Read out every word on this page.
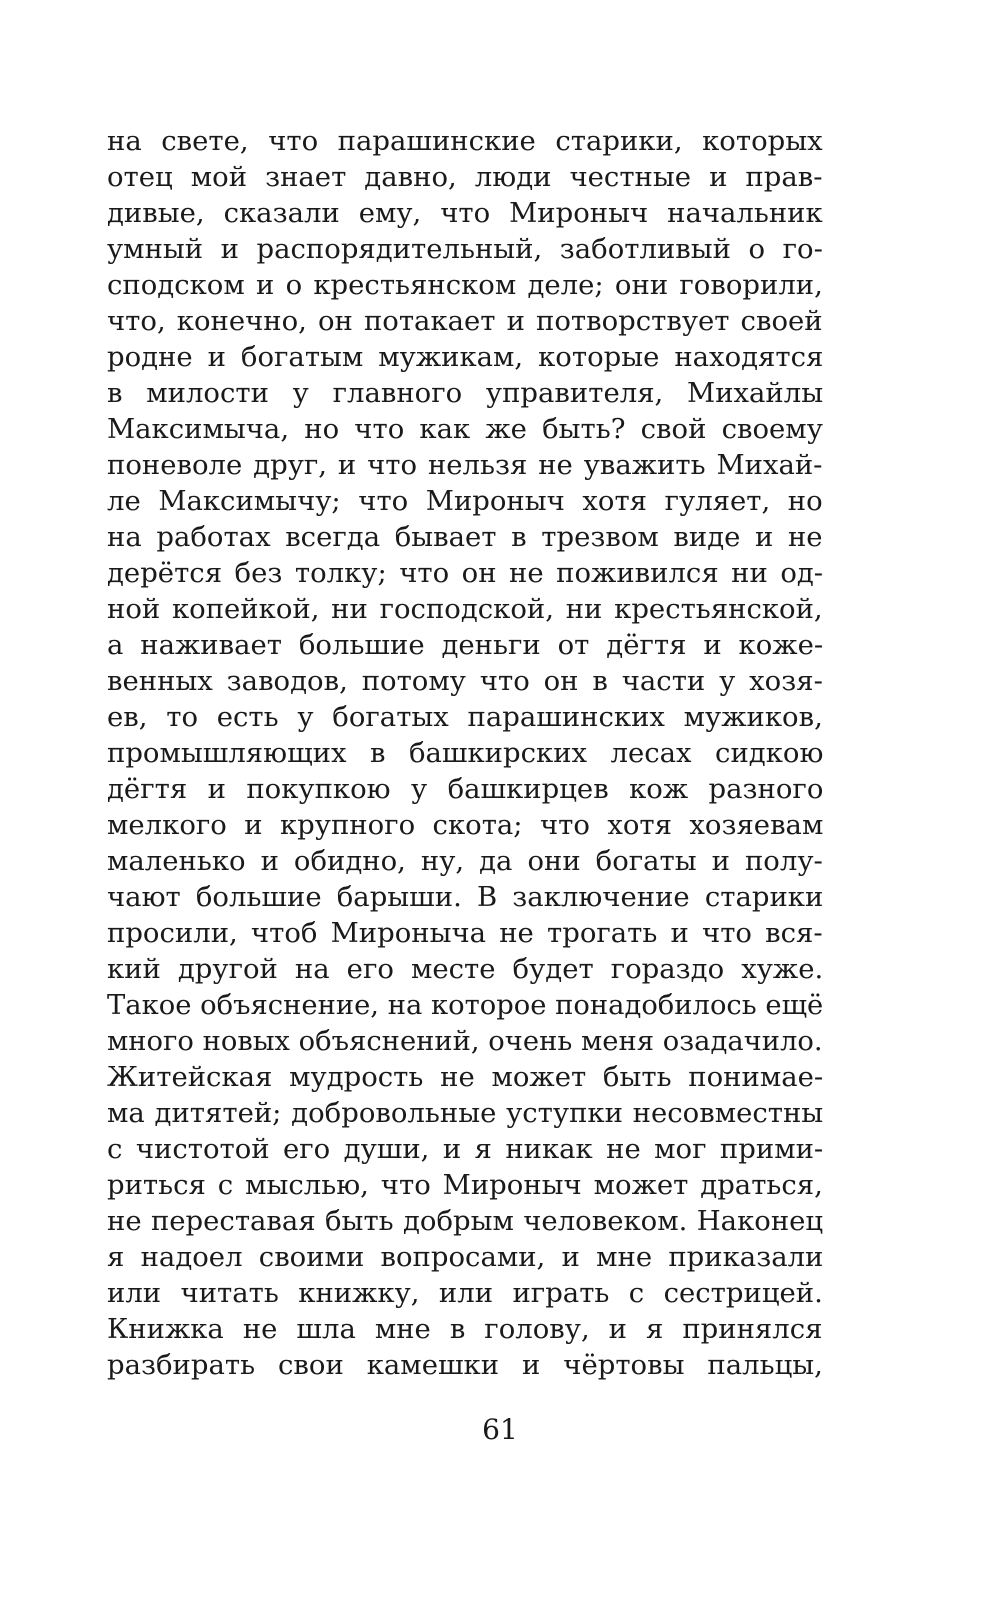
на свете, что парашинские старики, которых
отец мой знает давно, люди честные и прав-
дивые, сказали ему, что Мироныч начальник
умный и распорядительный, заботливый о го-
сподском и о крестьянском деле; они говорили,
что, конечно, он потакает и потворствует своей
родне и богатым мужикам, которые находятся
в милости у главного управителя, Михайлы
Максимыча, но что как же быть? свой своему
поневоле друг, и что нельзя не уважить Михай-
ле Максимычу; что Мироныч хотя гуляет, но
на работах всегда бывает в трезвом виде и не
дерётся без толку; что он не поживился ни од-
ной копейкой, ни господской, ни крестьянской,
а наживает большие деньги от дёгтя и коже-
венных заводов, потому что он в части у хозя-
ев, то есть у богатых парашинских мужиков,
промышляющих в башкирских лесах сидкою
дёгтя и покупкою у башкирцев кож разного
мелкого и крупного скота; что хотя хозяевам
маленько и обидно, ну, да они богаты и полу-
чают большие барыши. В заключение старики
просили, чтоб Мироныча не трогать и что вся-
кий другой на его месте будет гораздо хуже.
Такое объяснение, на которое понадобилось ещё
много новых объяснений, очень меня озадачило.
Житейская мудрость не может быть понимае-
ма дитятей; добровольные уступки несовместны
с чистотой его души, и я никак не мог прими-
риться с мыслью, что Мироныч может драться,
не переставая быть добрым человеком. Наконец
я надоел своими вопросами, и мне приказали
или читать книжку, или играть с сестрицей.
Книжка не шла мне в голову, и я принялся
разбирать свои камешки и чёртовы пальцы,
61
